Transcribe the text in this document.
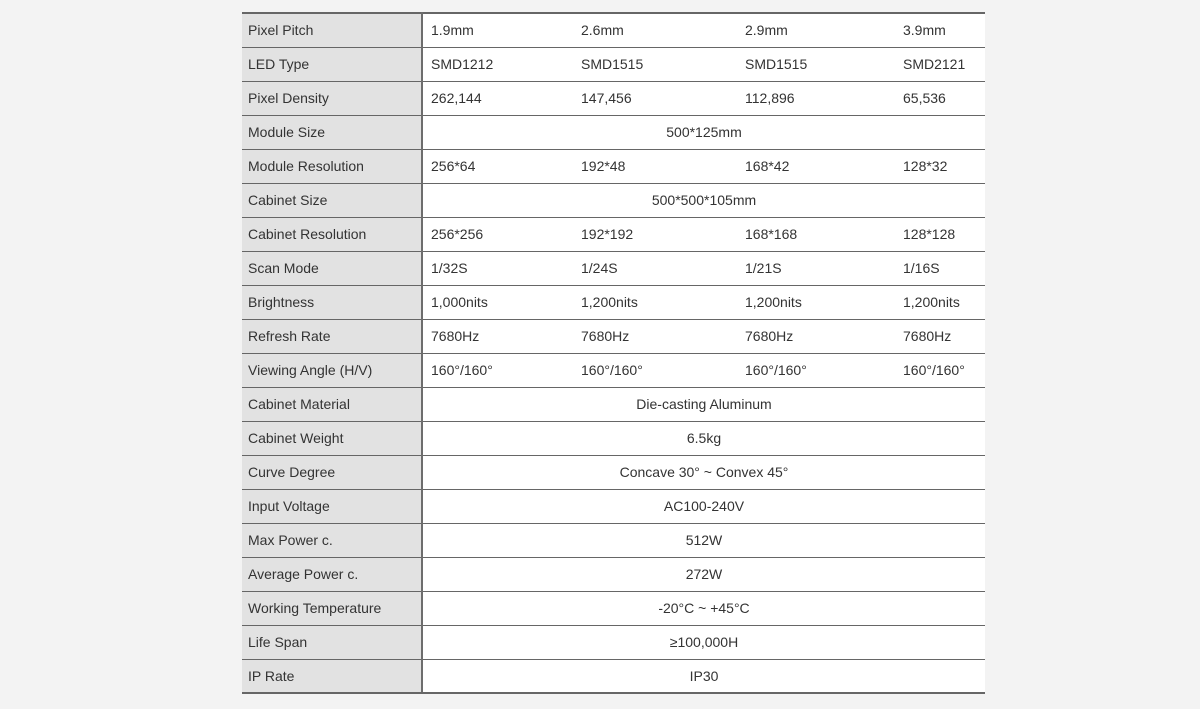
Pixel Pitch	1.9mm	2.6mm	2.9mm	3.9mm
LED Type	SMD1212	SMD1515	SMD1515	SMD2121
Pixel Density	262,144	147,456	112,896	65,536
Module Size	500*125mm			
Module Resolution	256*64	192*48	168*42	128*32
Cabinet Size	500*500*105mm			
Cabinet Resolution	256*256	192*192	168*168	128*128
Scan Mode	1/32S	1/24S	1/21S	1/16S
Brightness	1,000nits	1,200nits	1,200nits	1,200nits
Refresh Rate	7680Hz	7680Hz	7680Hz	7680Hz
Viewing Angle (H/V)	160°/160°	160°/160°	160°/160°	160°/160°
Cabinet Material	Die-casting Aluminum			
Cabinet Weight	6.5kg			
Curve Degree	Concave 30° ~ Convex 45°			
Input Voltage	AC100-240V			
Max Power c.	512W			
Average Power c.	272W			
Working Temperature	-20°C ~ +45°C			
Life Span	≥100,000H			
IP Rate	IP30			
